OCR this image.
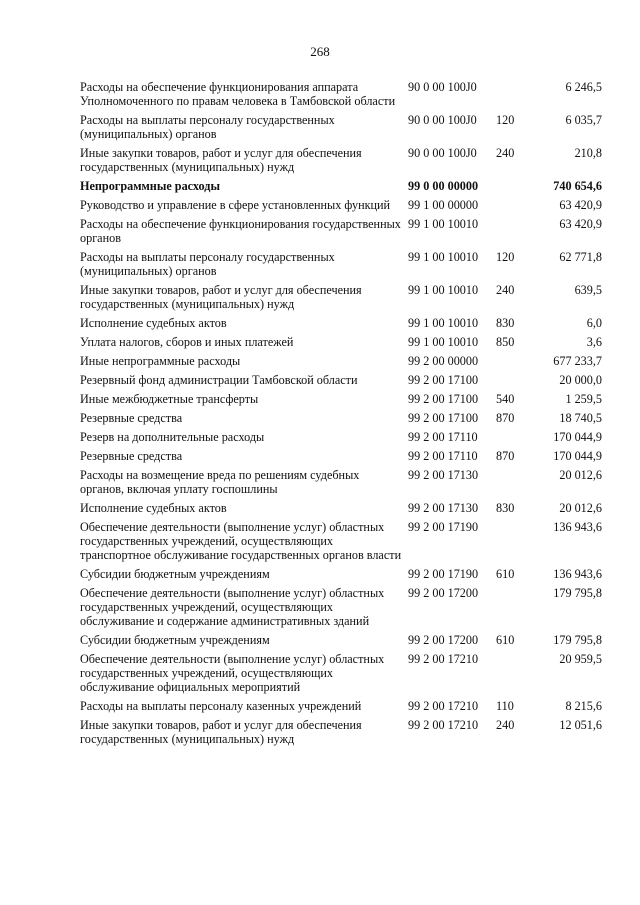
268
Расходы на обеспечение функционирования аппарата Уполномоченного по правам человека в Тамбовской области	90 0 00 100J0		6 246,5

Расходы на выплаты персоналу государственных (муниципальных) органов	90 0 00 100J0	120	6 035,7

Иные закупки товаров, работ и услуг для обеспечения государственных (муниципальных) нужд	90 0 00 100J0	240	210,8

Непрограммные расходы	99 0 00 00000		740 654,6

Руководство и управление в сфере установленных функций	99 1 00 00000		63 420,9

Расходы на обеспечение функционирования государственных органов	99 1 00 10010		63 420,9

Расходы на выплаты персоналу государственных (муниципальных) органов	99 1 00 10010	120	62 771,8

Иные закупки товаров, работ и услуг для обеспечения государственных (муниципальных) нужд	99 1 00 10010	240	639,5

Исполнение судебных актов	99 1 00 10010	830	6,0

Уплата налогов, сборов и иных платежей	99 1 00 10010	850	3,6

Иные непрограммные расходы	99 2 00 00000		677 233,7

Резервный фонд администрации Тамбовской области	99 2 00 17100		20 000,0

Иные межбюджетные трансферты	99 2 00 17100	540	1 259,5

Резервные средства	99 2 00 17100	870	18 740,5

Резерв на дополнительные расходы	99 2 00 17110		170 044,9

Резервные средства	99 2 00 17110	870	170 044,9

Расходы на возмещение вреда по решениям судебных органов, включая уплату госпошлины	99 2 00 17130		20 012,6

Исполнение судебных актов	99 2 00 17130	830	20 012,6

Обеспечение деятельности (выполнение услуг) областных государственных учреждений, осуществляющих транспортное обслуживание государственных органов власти	99 2 00 17190		136 943,6

Субсидии бюджетным учреждениям	99 2 00 17190	610	136 943,6

Обеспечение деятельности (выполнение услуг) областных государственных учреждений, осуществляющих обслуживание и содержание административных зданий	99 2 00 17200		179 795,8

Субсидии бюджетным учреждениям	99 2 00 17200	610	179 795,8

Обеспечение деятельности (выполнение услуг) областных государственных учреждений, осуществляющих обслуживание официальных мероприятий	99 2 00 17210		20 959,5

Расходы на выплаты персоналу казенных учреждений	99 2 00 17210	110	8 215,6

Иные закупки товаров, работ и услуг для обеспечения государственных (муниципальных) нужд	99 2 00 17210	240	12 051,6
